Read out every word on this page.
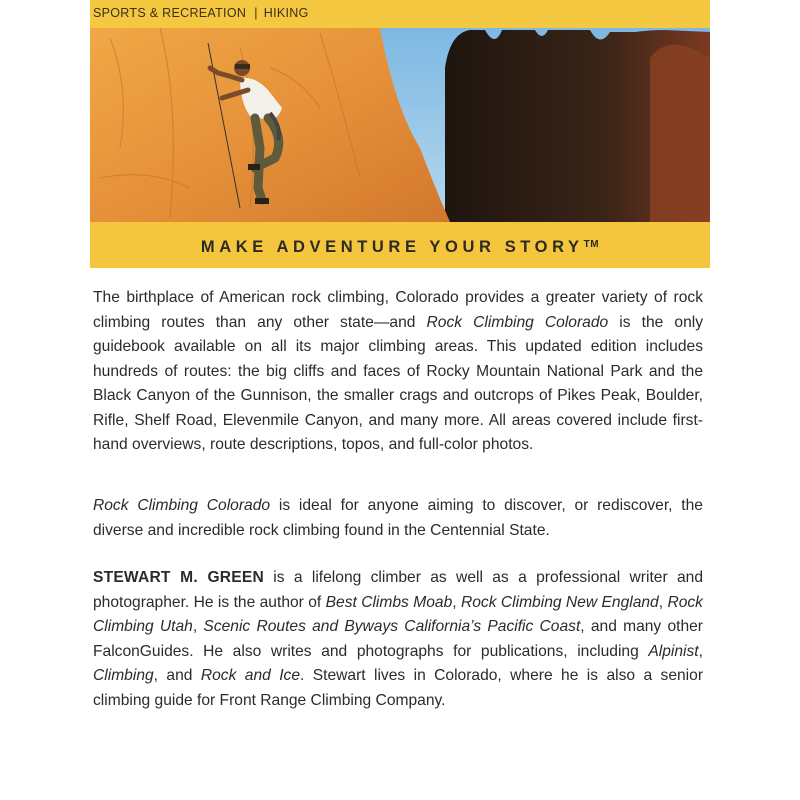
SPORTS & RECREATION | HIKING
MAKE ADVENTURE YOUR STORY™

The birthplace of American rock climbing, Colorado provides a greater variety of rock climbing routes than any other state—and Rock Climbing Colorado is the only guidebook available on all its major climbing areas. This updated edition includes hundreds of routes: the big cliffs and faces of Rocky Mountain National Park and the Black Canyon of the Gunnison, the smaller crags and outcrops of Pikes Peak, Boulder, Rifle, Shelf Road, Elevenmile Canyon, and many more. All areas covered include first-hand overviews, route descriptions, topos, and full-color photos.

Rock Climbing Colorado is ideal for anyone aiming to discover, or rediscover, the diverse and incredible rock climbing found in the Centennial State.

STEWART M. GREEN is a lifelong climber as well as a professional writer and photographer. He is the author of Best Climbs Moab, Rock Climbing New England, Rock Climbing Utah, Scenic Routes and Byways California’s Pacific Coast, and many other FalconGuides. He also writes and photographs for publications, including Alpinist, Climbing, and Rock and Ice. Stewart lives in Colorado, where he is also a senior climbing guide for Front Range Climbing Company.
